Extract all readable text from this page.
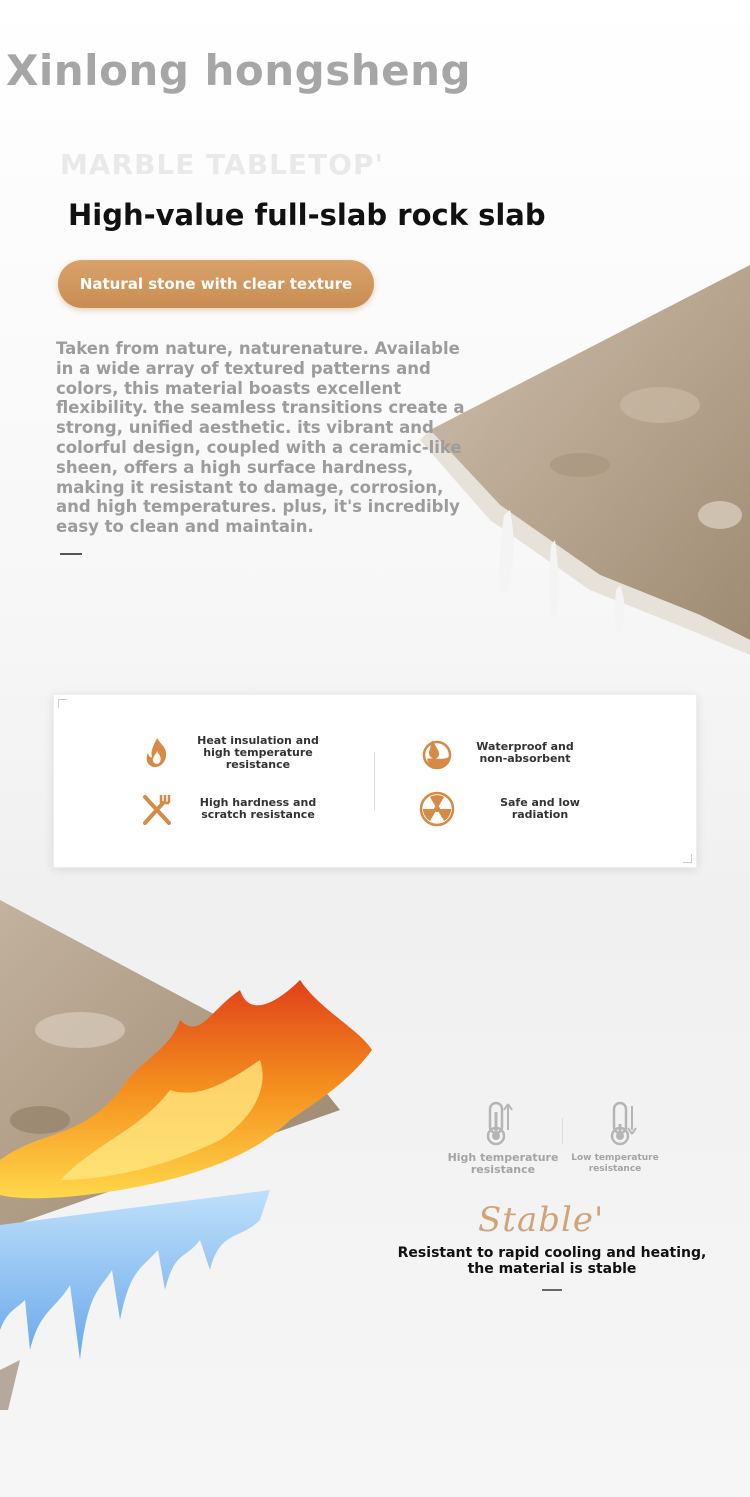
Xinlong hongsheng
MARBLE TABLETOP'
High-value full-slab rock slab
Natural stone with clear texture
Taken from nature, naturenature. Available in a wide array of textured patterns and colors, this material boasts excellent flexibility. the seamless transitions create a strong, unified aesthetic. its vibrant and colorful design, coupled with a ceramic-like sheen, offers a high surface hardness, making it resistant to damage, corrosion, and high temperatures. plus, it's incredibly easy to clean and maintain.
Heat insulation and high temperature resistance
Waterproof and non-absorbent
High hardness and scratch resistance
Safe and low radiation
High temperature resistance
Low temperature resistance
Stable'
Resistant to rapid cooling and heating, the material is stable
